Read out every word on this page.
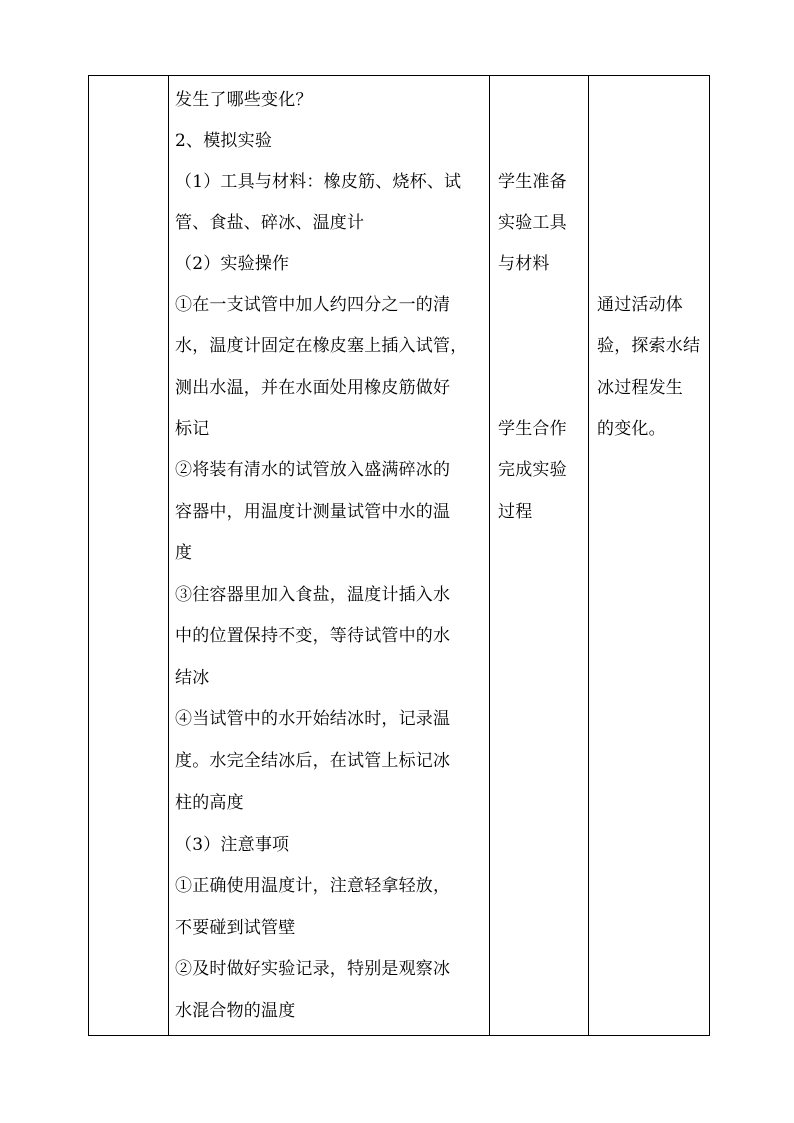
发生了哪些变化？
2、模拟实验
（1）工具与材料：橡皮筋、烧杯、试
管、食盐、碎冰、温度计
（2）实验操作
①在一支试管中加人约四分之一的清
水，温度计固定在橡皮塞上插入试管，
测出水温，并在水面处用橡皮筋做好
标记
②将装有清水的试管放入盛满碎冰的
容器中，用温度计测量试管中水的温
度
③往容器里加入食盐，温度计插入水
中的位置保持不变，等待试管中的水
结冰
④当试管中的水开始结冰时，记录温
度。水完全结冰后，在试管上标记冰
柱的高度
（3）注意事项
①正确使用温度计，注意轻拿轻放，
不要碰到试管壁
②及时做好实验记录，特别是观察冰
水混合物的温度

学生准备
实验工具
与材料
学生合作
完成实验
过程

通过活动体
验，探索水结
冰过程发生
的变化。
